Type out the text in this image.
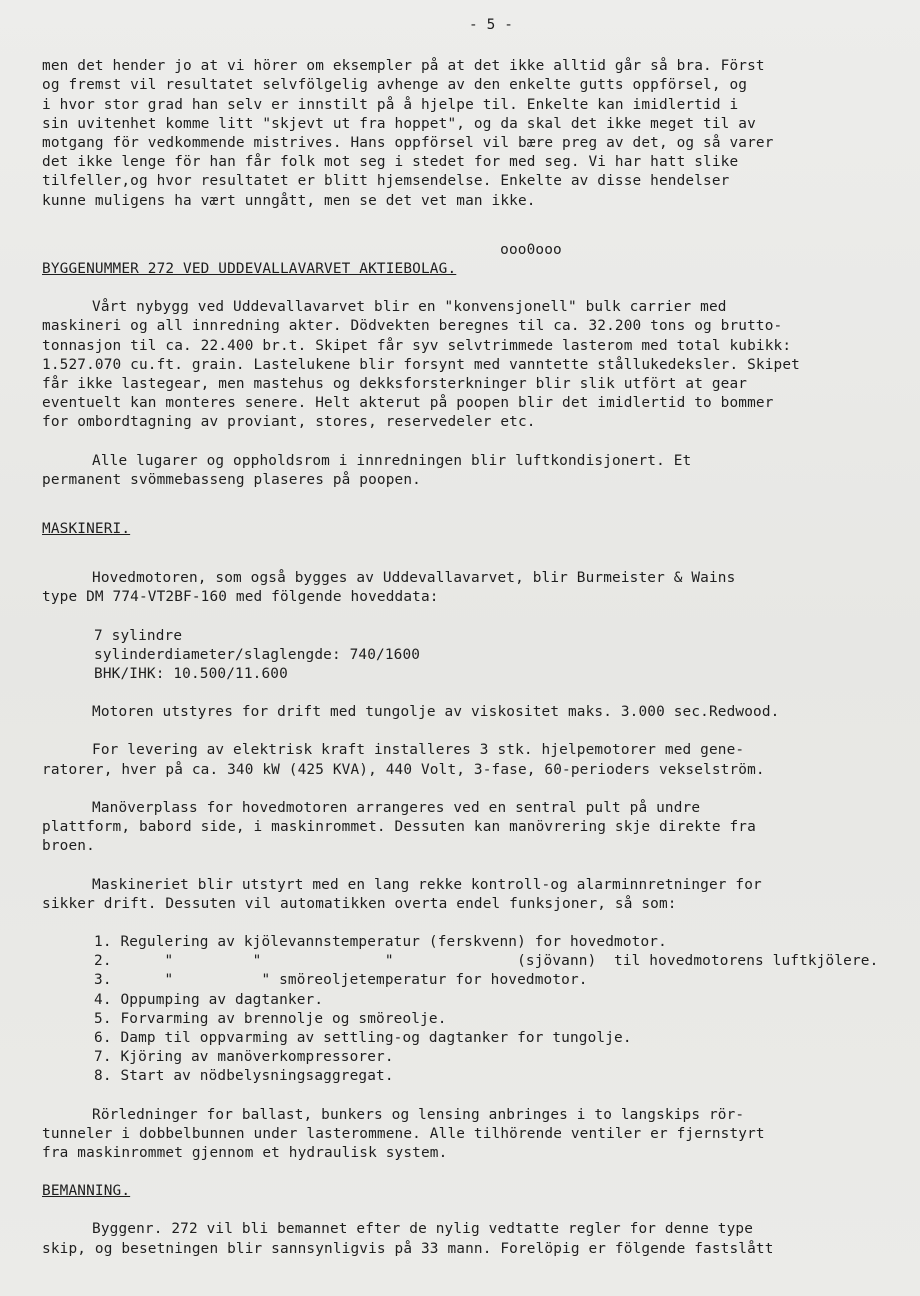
- 5 -

men det hender jo at vi hörer om eksempler på at det ikke alltid går så bra. Först
og fremst vil resultatet selvfölgelig avhenge av den enkelte gutts oppförsel, og
i hvor stor grad han selv er innstilt på å hjelpe til. Enkelte kan imidlertid i
sin uvitenhet komme litt "skjevt ut fra hoppet", og da skal det ikke meget til av
motgang för vedkommende mistrives. Hans oppförsel vil bære preg av det, og så varer
det ikke lenge för han får folk mot seg i stedet for med seg. Vi har hatt slike
tilfeller,og hvor resultatet er blitt hjemsendelse. Enkelte av disse hendelser
kunne muligens ha vært unngått, men se det vet man ikke.

ooo0ooo
BYGGENUMMER 272 VED UDDEVALLAVARVET AKTIEBOLAG.

Vårt nybygg ved Uddevallavarvet blir en "konvensjonell" bulk carrier med
maskineri og all innredning akter. Dödvekten beregnes til ca. 32.200 tons og brutto-
tonnasjon til ca. 22.400 br.t. Skipet får syv selvtrimmede lasterom med total kubikk:
1.527.070 cu.ft. grain. Lastelukene blir forsynt med vanntette stållukedeksler. Skipet
får ikke lastegear, men mastehus og dekksforsterkninger blir slik utfört at gear
eventuelt kan monteres senere. Helt akterut på poopen blir det imidlertid to bommer
for ombordtagning av proviant, stores, reservedeler etc.

Alle lugarer og oppholdsrom i innredningen blir luftkondisjonert. Et
permanent svömmebasseng plaseres på poopen.

MASKINERI.

Hovedmotoren, som også bygges av Uddevallavarvet, blir Burmeister & Wains
type DM 774-VT2BF-160 med fölgende hoveddata:

7 sylindre
sylinderdiameter/slaglengde: 740/1600
BHK/IHK: 10.500/11.600

Motoren utstyres for drift med tungolje av viskositet maks. 3.000 sec.Redwood.

For levering av elektrisk kraft installeres 3 stk. hjelpemotorer med gene-
ratorer, hver på ca. 340 kW (425 KVA), 440 Volt, 3-fase, 60-perioders vekselström.

Manöverplass for hovedmotoren arrangeres ved en sentral pult på undre
plattform, babord side, i maskinrommet. Dessuten kan manövrering skje direkte fra
broen.

Maskineriet blir utstyrt med en lang rekke kontroll-og alarminnretninger for
sikker drift. Dessuten vil automatikken overta endel funksjoner, så som:

1. Regulering av kjölevannstemperatur (ferskvenn) for hovedmotor.
2.      "         "              "              (sjövann)  til hovedmotorens luftkjölere.
3.      "          " smöreoljetemperatur for hovedmotor.
4. Oppumping av dagtanker.
5. Forvarming av brennolje og smöreolje.
6. Damp til oppvarming av settling-og dagtanker for tungolje.
7. Kjöring av manöverkompressorer.
8. Start av nödbelysningsaggregat.

Rörledninger for ballast, bunkers og lensing anbringes i to langskips rör-
tunneler i dobbelbunnen under lasterommene. Alle tilhörende ventiler er fjernstyrt
fra maskinrommet gjennom et hydraulisk system.

BEMANNING.

Byggenr. 272 vil bli bemannet efter de nylig vedtatte regler for denne type
skip, og besetningen blir sannsynligvis på 33 mann. Forelöpig er fölgende fastslått
